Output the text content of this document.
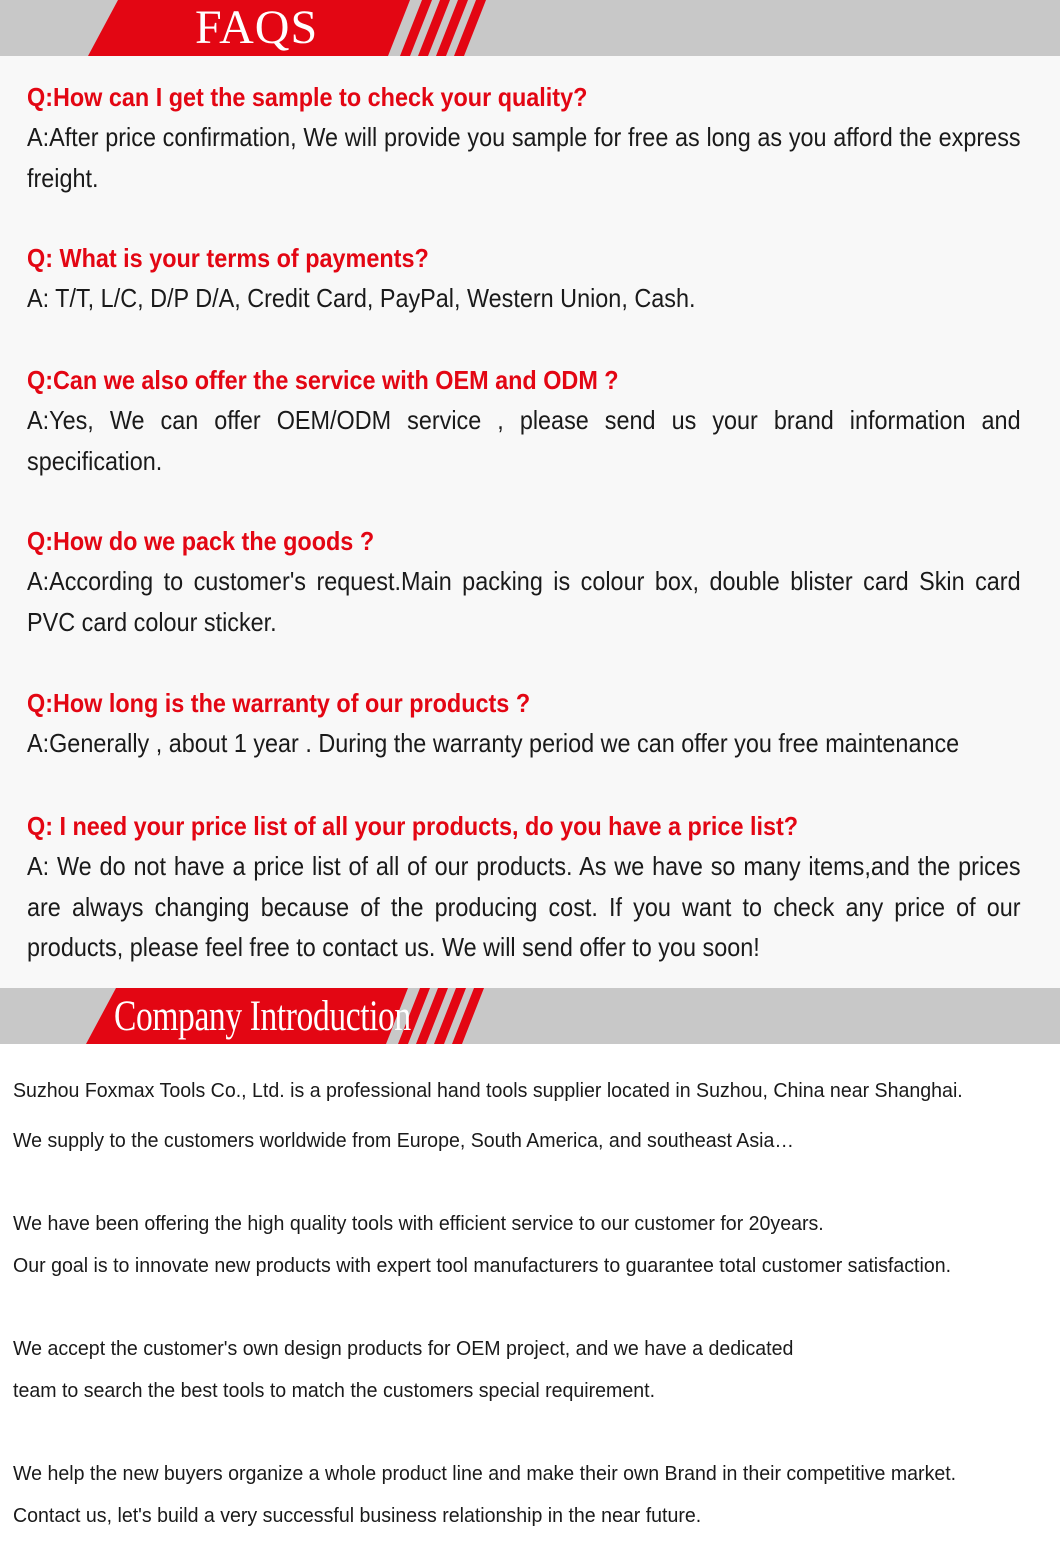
FAQS
Q:How can I get the sample to check your quality?
A:After price confirmation, We will provide you sample for free as long as you afford the express freight.
Q: What is your terms of payments?
A: T/T, L/C, D/P D/A, Credit Card, PayPal, Western Union, Cash.
Q:Can we also offer the service with OEM and ODM ?
A:Yes, We can offer OEM/ODM service , please send us your brand information and specification.
Q:How do we pack the goods ?
A:According to customer's request.Main packing is colour box, double blister card Skin card PVC card colour sticker.
Q:How long is the warranty of our products ?
A:Generally , about 1 year . During the warranty period we can offer you free maintenance
Q: I need your price list of all your products, do you have a price list?
A: We do not have a price list of all of our products. As we have so many items,and the prices are always changing because of the producing cost. If you want to check any price of our products, please feel free to contact us. We will send offer to you soon!
Company Introduction
Suzhou Foxmax Tools Co., Ltd. is a professional hand tools supplier located in Suzhou, China near Shanghai.
We supply to the customers worldwide from Europe, South America, and southeast Asia…
We have been offering the high quality tools with efficient service to our customer for 20years.
Our goal is to innovate new products with expert tool manufacturers to guarantee total customer satisfaction.
We accept the customer's own design products for OEM project, and we have a dedicated
team to search the best tools to match the customers special requirement.
We help the new buyers organize a whole product line and make their own Brand in their competitive market.
Contact us, let's build a very successful business relationship in the near future.
